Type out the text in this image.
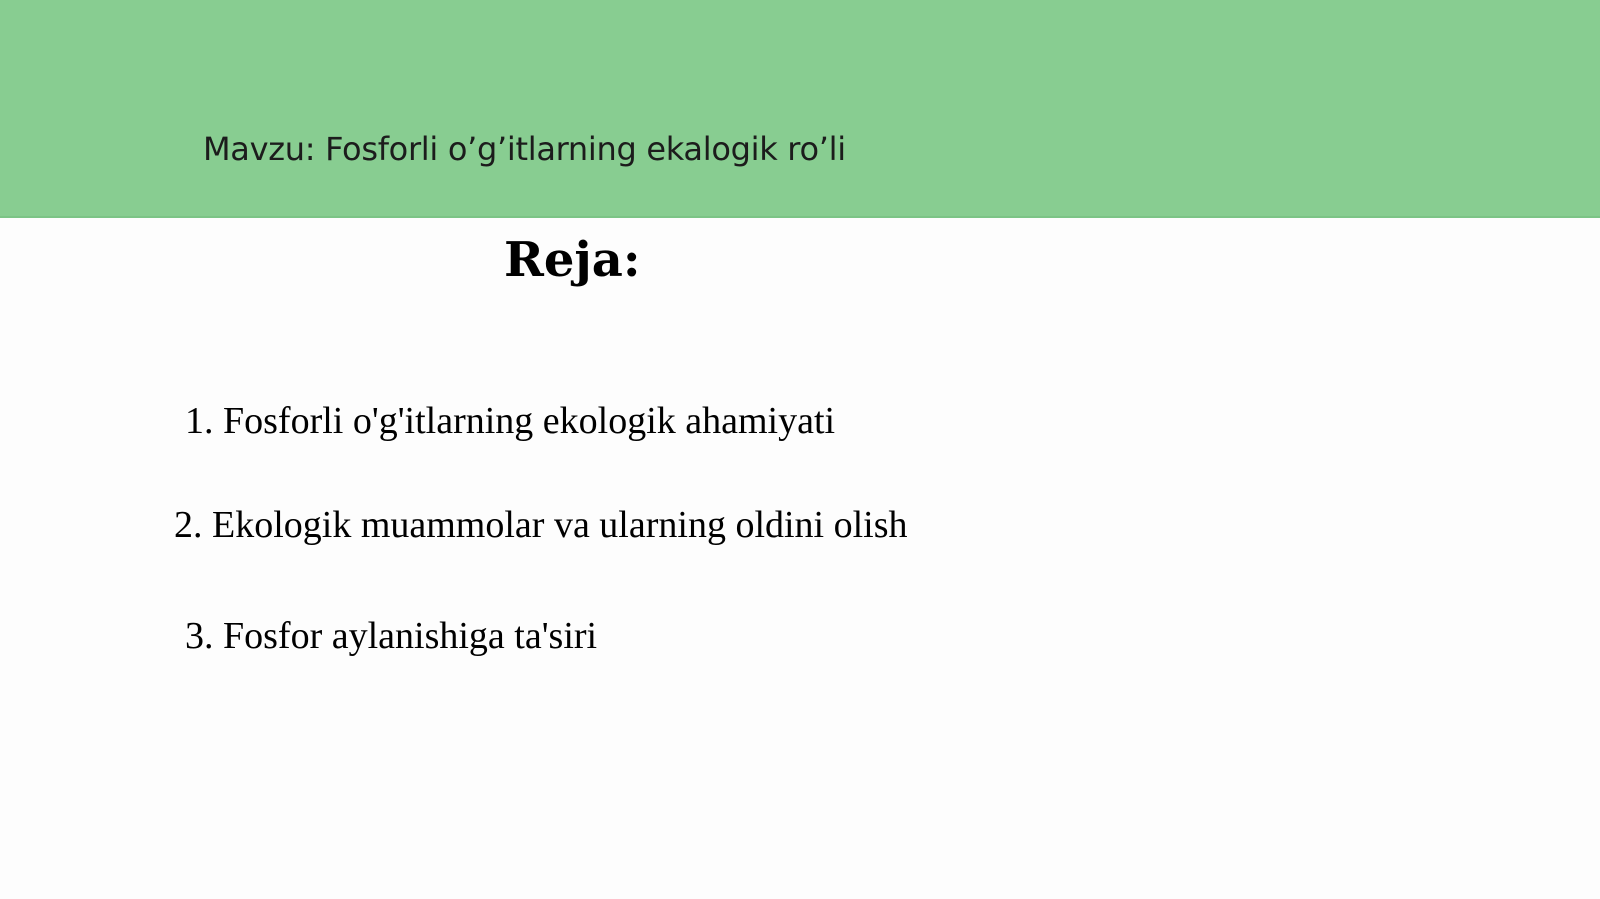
Mavzu: Fosforli o’g’itlarning ekalogik ro’li
Reja:
1. Fosforli o'g'itlarning ekologik ahamiyati
2. Ekologik muammolar va ularning oldini olish
3. Fosfor aylanishiga ta'siri
